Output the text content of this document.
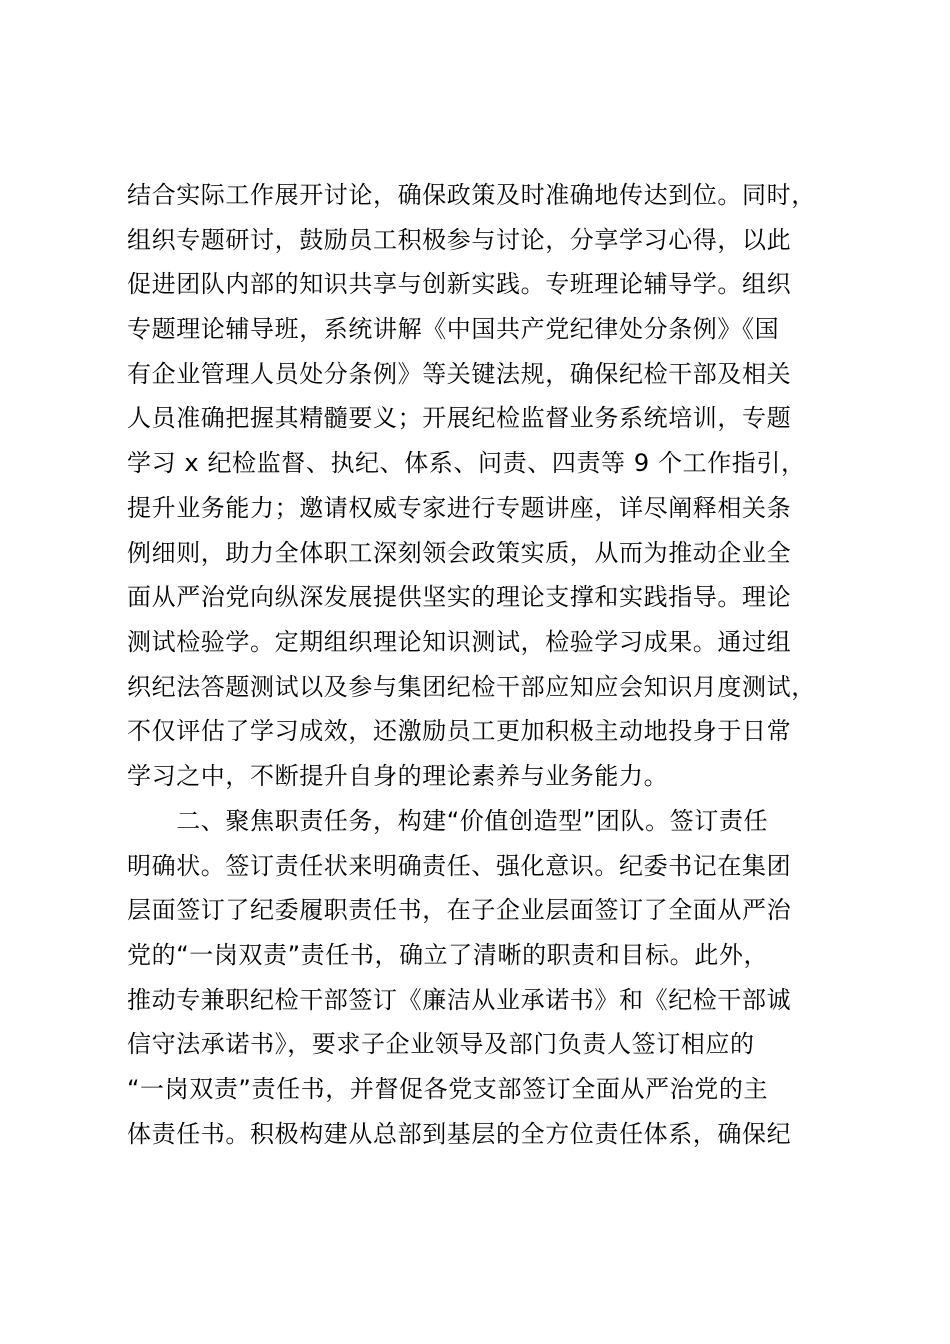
结合实际工作展开讨论，确保政策及时准确地传达到位。同时，
组织专题研讨，鼓励员工积极参与讨论，分享学习心得，以此
促进团队内部的知识共享与创新实践。专班理论辅导学。组织
专题理论辅导班，系统讲解《中国共产党纪律处分条例》《国
有企业管理人员处分条例》等关键法规，确保纪检干部及相关
人员准确把握其精髓要义；开展纪检监督业务系统培训，专题
学习 x 纪检监督、执纪、体系、问责、四责等 9 个工作指引，
提升业务能力；邀请权威专家进行专题讲座，详尽阐释相关条
例细则，助力全体职工深刻领会政策实质，从而为推动企业全
面从严治党向纵深发展提供坚实的理论支撑和实践指导。理论
测试检验学。定期组织理论知识测试，检验学习成果。通过组
织纪法答题测试以及参与集团纪检干部应知应会知识月度测试，
不仅评估了学习成效，还激励员工更加积极主动地投身于日常
学习之中，不断提升自身的理论素养与业务能力。
　　二、聚焦职责任务，构建“价值创造型”团队。签订责任
明确状。签订责任状来明确责任、强化意识。纪委书记在集团
层面签订了纪委履职责任书，在子企业层面签订了全面从严治
党的“一岗双责”责任书，确立了清晰的职责和目标。此外，
推动专兼职纪检干部签订《廉洁从业承诺书》和《纪检干部诚
信守法承诺书》，要求子企业领导及部门负责人签订相应的
“一岗双责”责任书，并督促各党支部签订全面从严治党的主
体责任书。积极构建从总部到基层的全方位责任体系，确保纪
